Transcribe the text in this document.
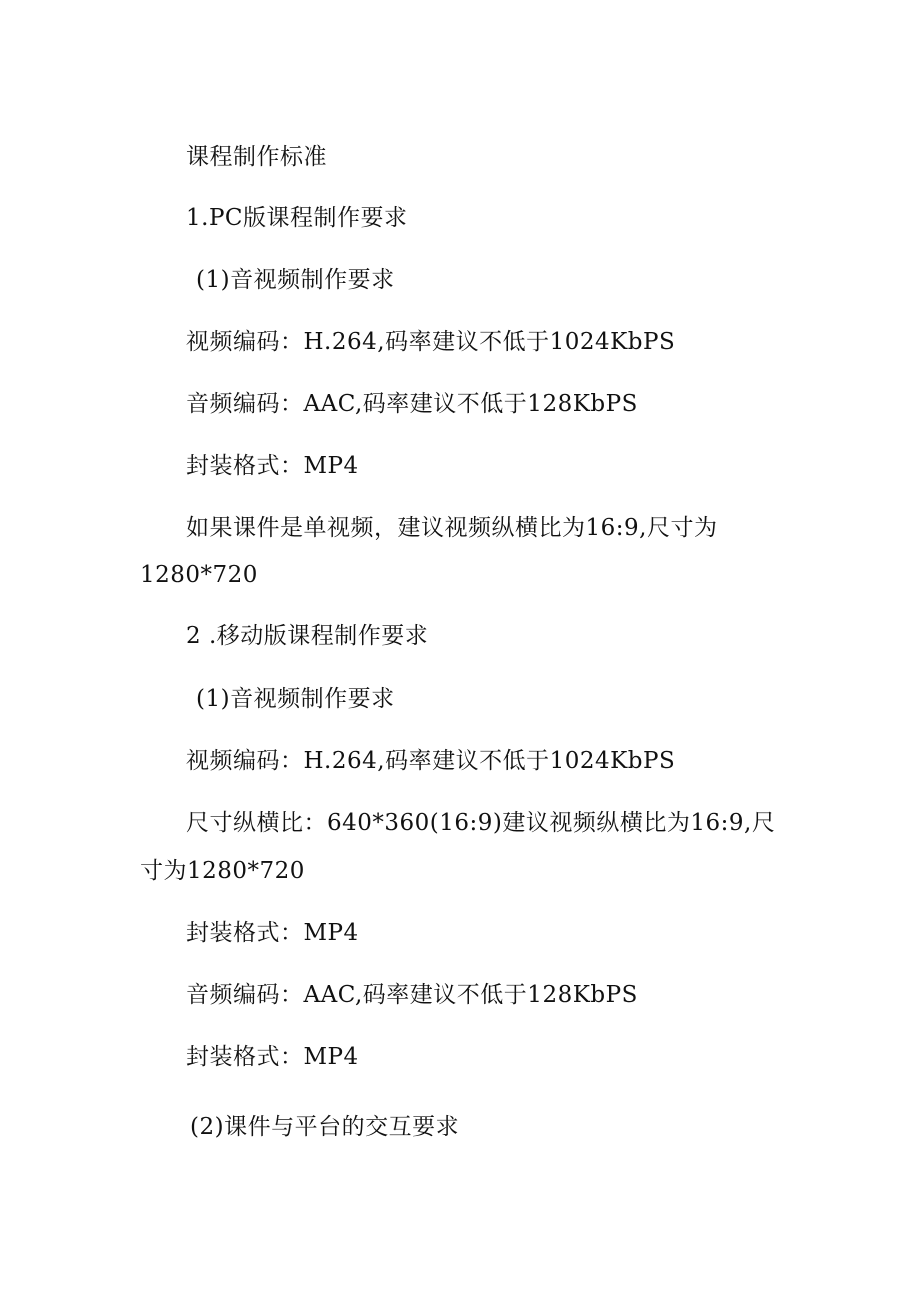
课程制作标准
1.PC版课程制作要求
(1)音视频制作要求
视频编码：H.264,码率建议不低于1024KbPS
音频编码：AAC,码率建议不低于128KbPS
封装格式：MP4
如果课件是单视频，建议视频纵横比为16:9,尺寸为
1280*720
2 .移动版课程制作要求
(1)音视频制作要求
视频编码：H.264,码率建议不低于1024KbPS
尺寸纵横比：640*360(16:9)建议视频纵横比为16:9,尺
寸为1280*720
封装格式：MP4
音频编码：AAC,码率建议不低于128KbPS
封装格式：MP4
(2)课件与平台的交互要求
